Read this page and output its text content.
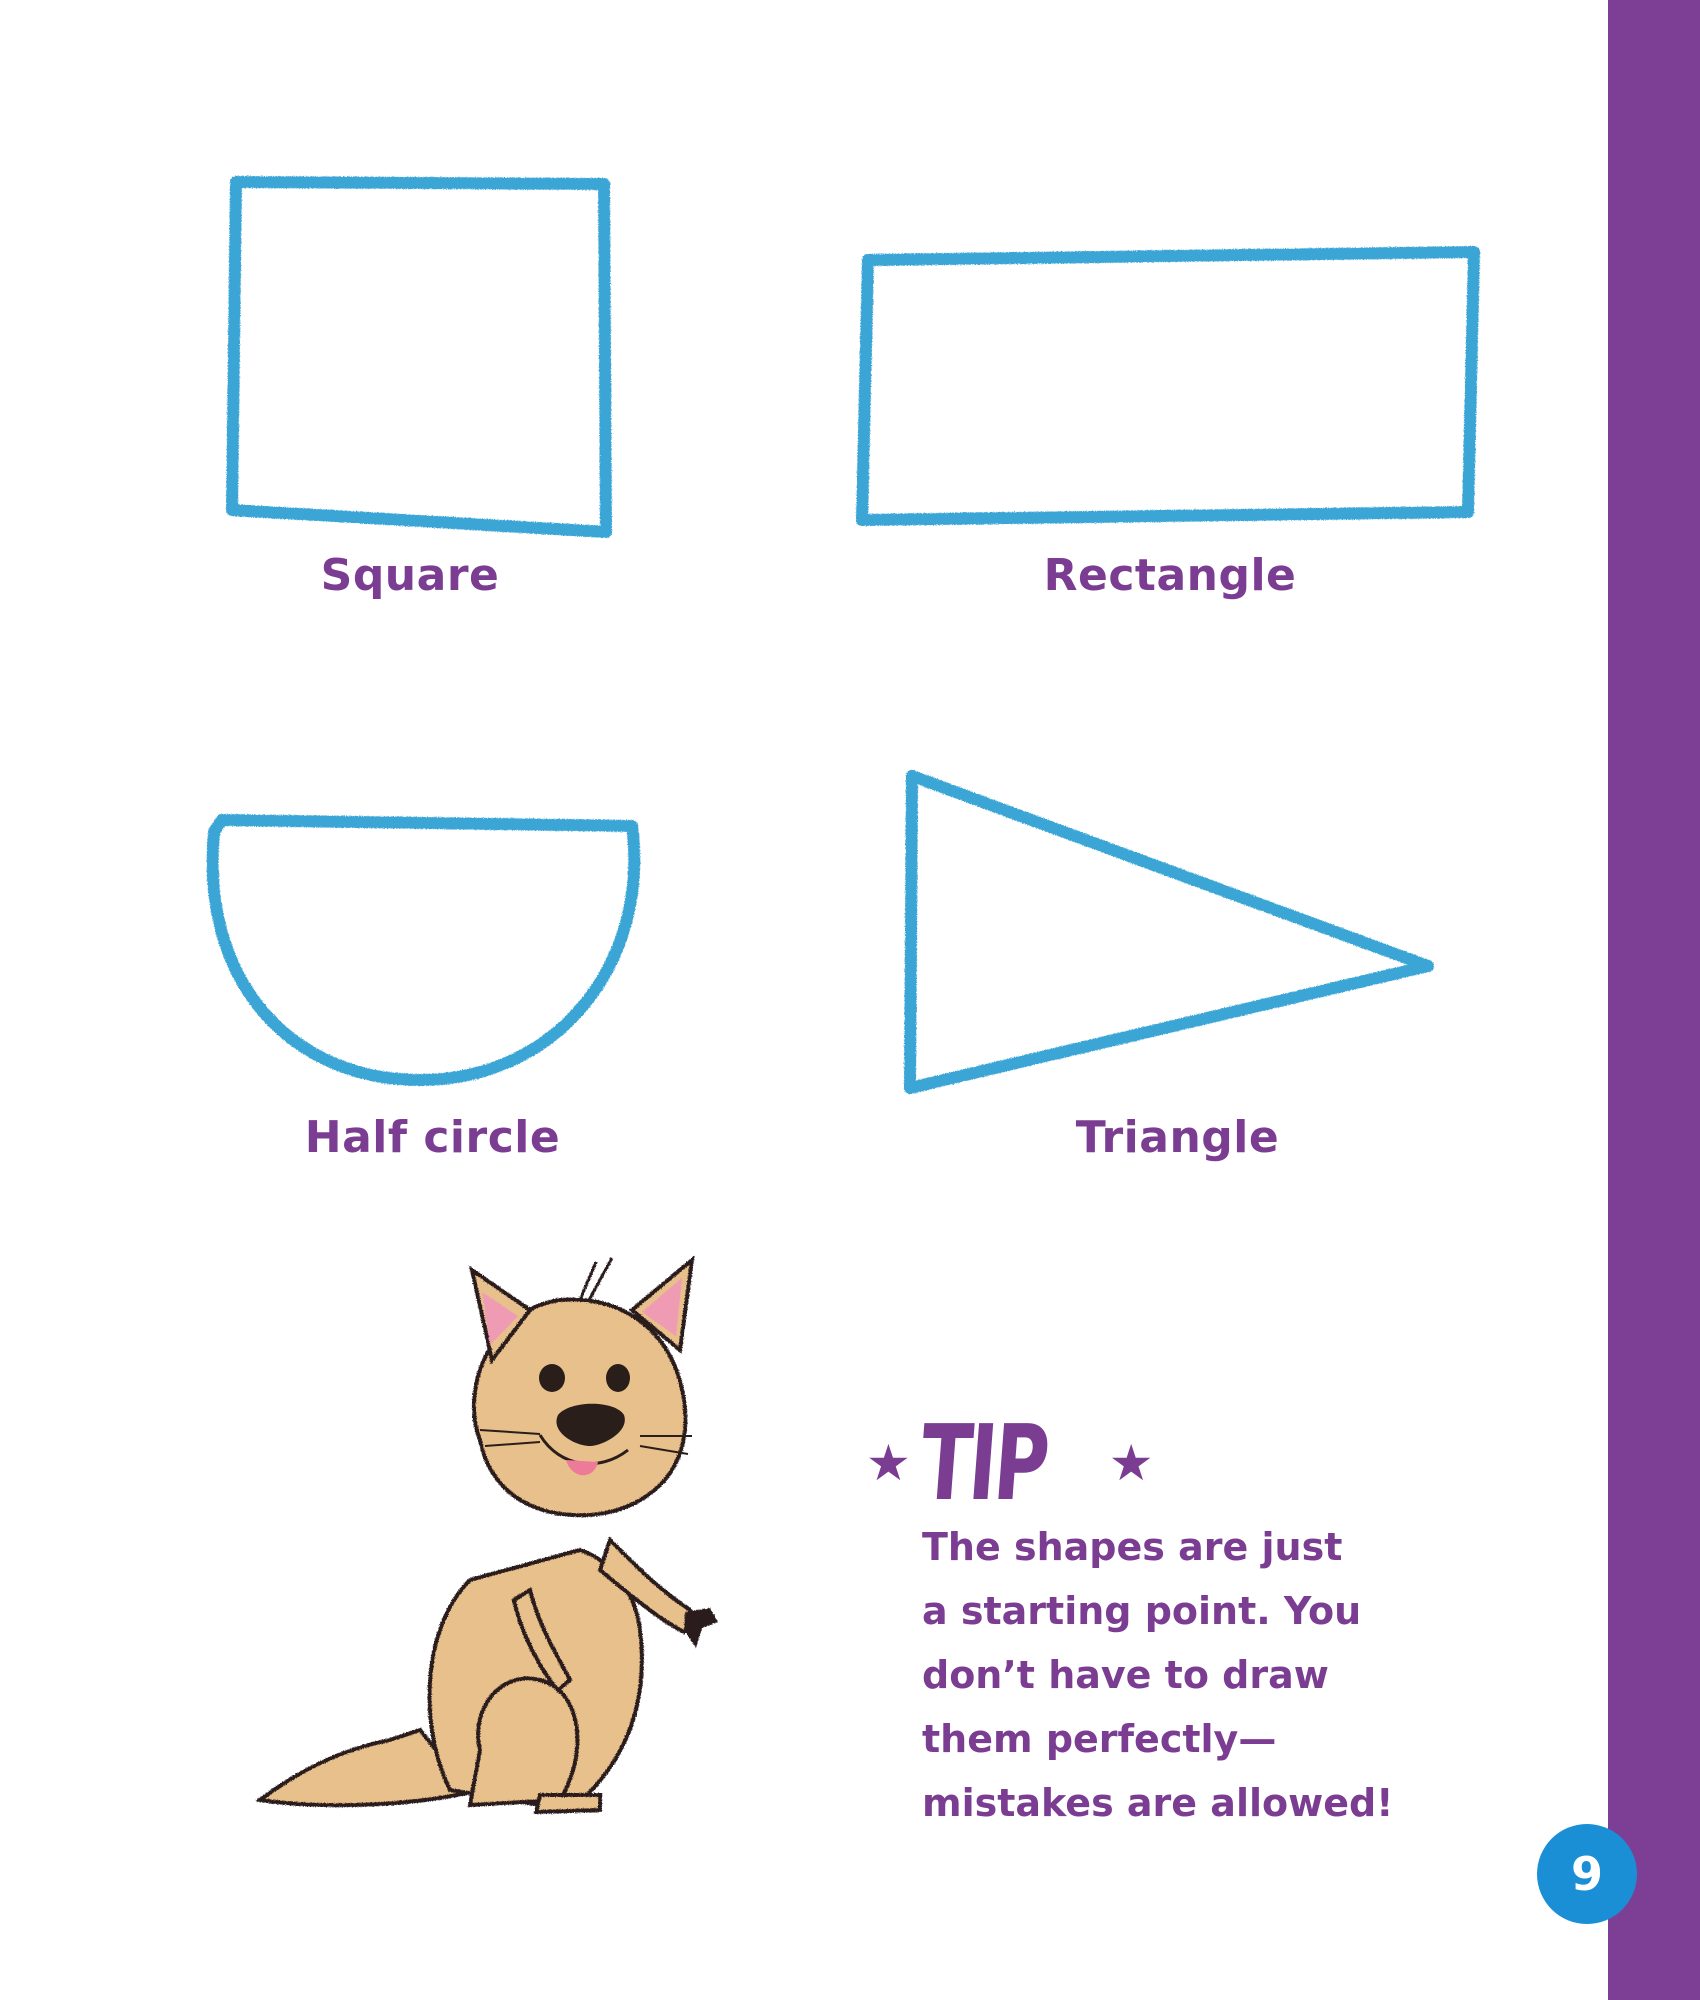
Square	Rectangle
Half circle	Triangle
★ TIP ★
The shapes are just
a starting point. You
don’t have to draw
them perfectly—
mistakes are allowed!
9
